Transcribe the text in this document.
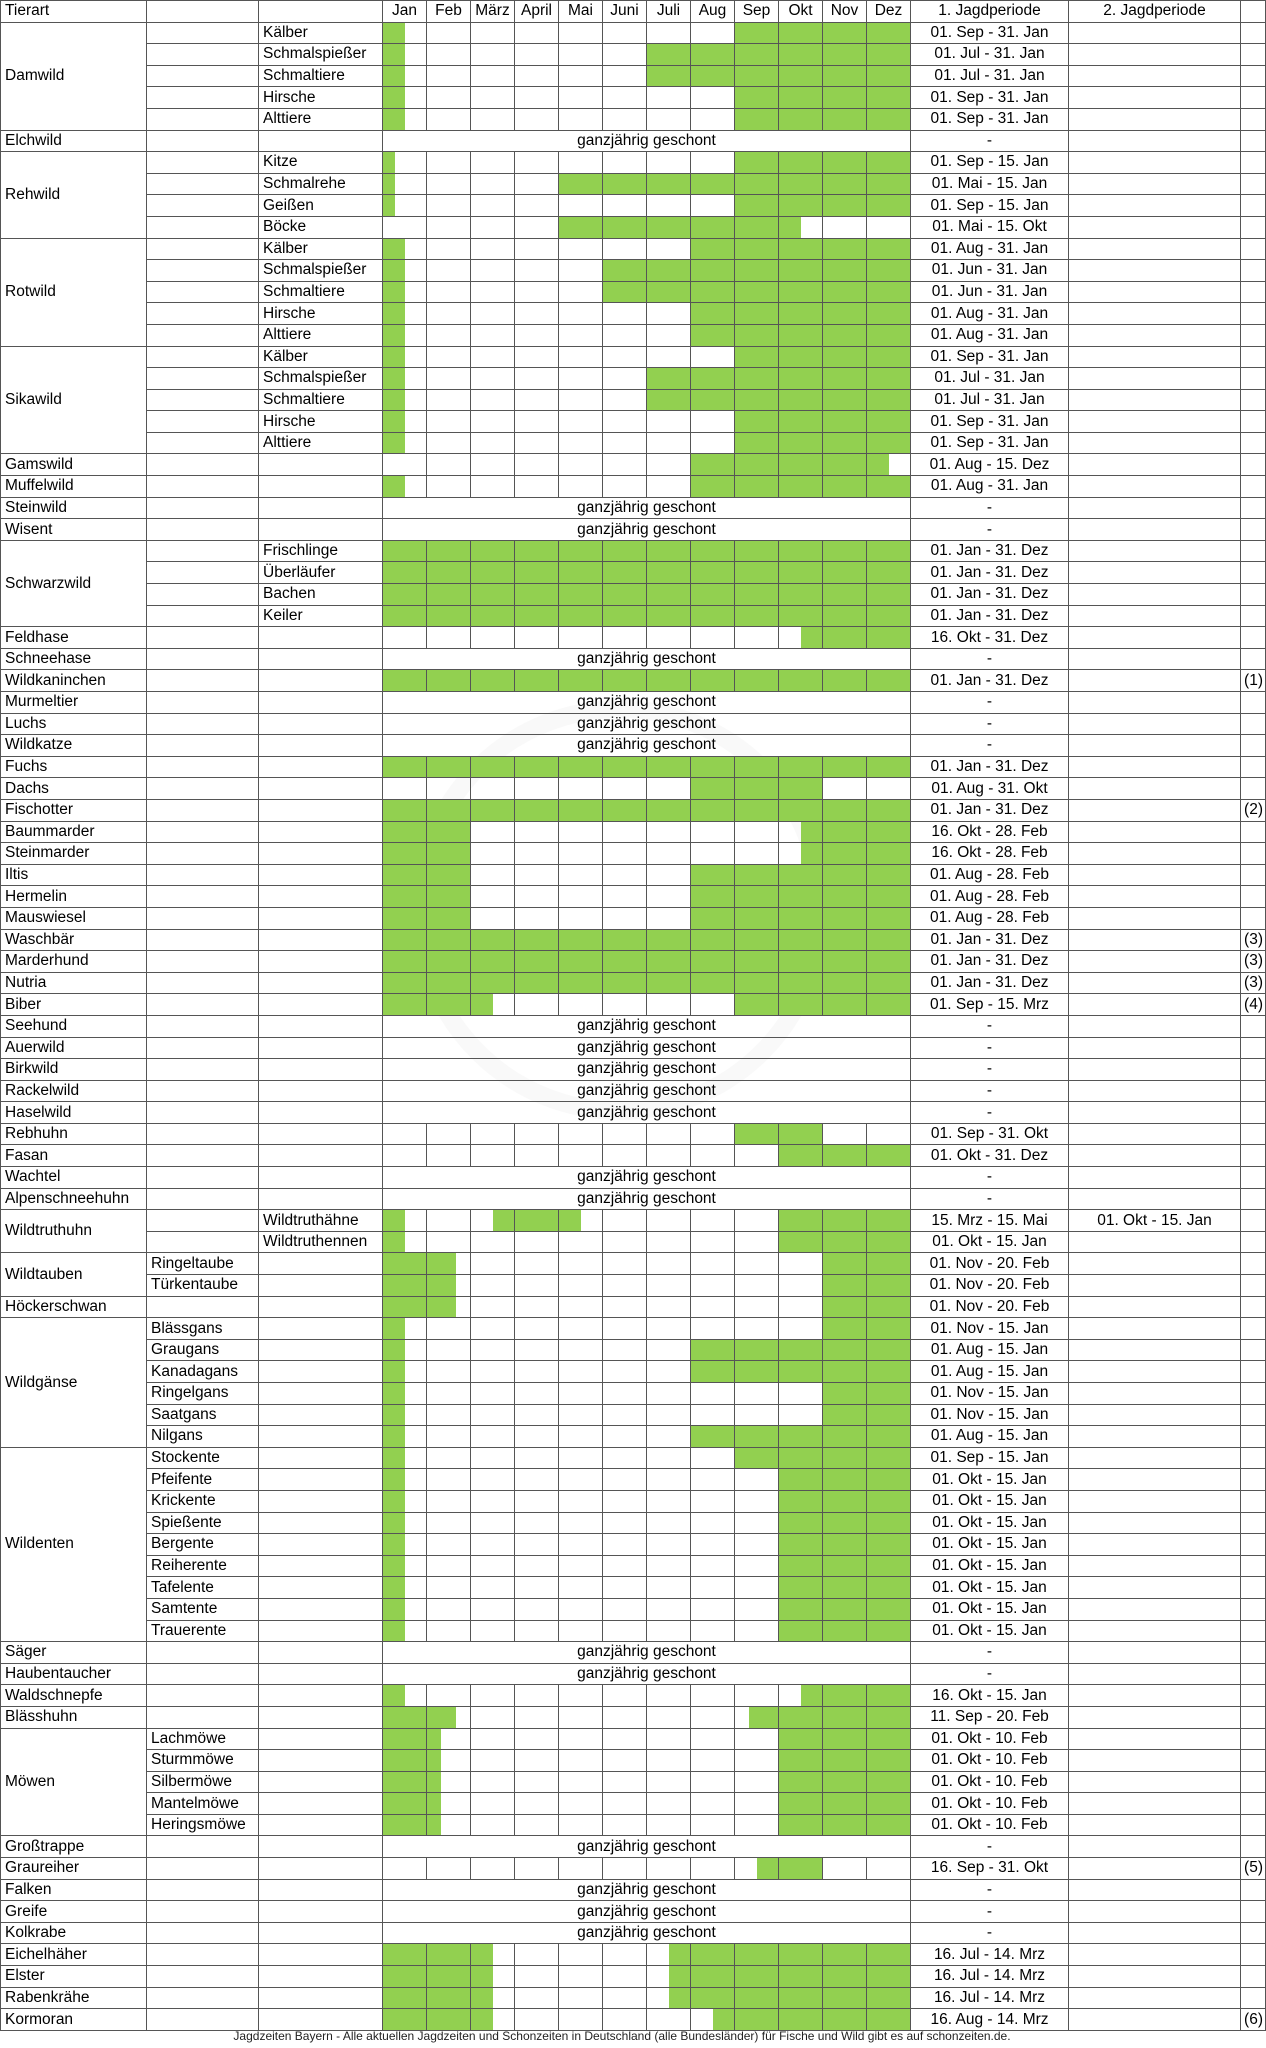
Tierart			Jan	Feb	März	April	Mai	Juni	Juli	Aug	Sep	Okt	Nov	Dez	1. Jagdperiode	2. Jagdperiode	
Damwild		Kälber													01. Sep - 31. Jan		
		Schmalspießer													01. Jul - 31. Jan		
		Schmaltiere													01. Jul - 31. Jan		
		Hirsche													01. Sep - 31. Jan		
		Alttiere													01. Sep - 31. Jan		
Elchwild			ganzjährig geschont												-		
Rehwild		Kitze													01. Sep - 15. Jan		
		Schmalrehe													01. Mai - 15. Jan		
		Geißen													01. Sep - 15. Jan		
		Böcke													01. Mai - 15. Okt		
Rotwild		Kälber													01. Aug - 31. Jan		
		Schmalspießer													01. Jun - 31. Jan		
		Schmaltiere													01. Jun - 31. Jan		
		Hirsche													01. Aug - 31. Jan		
		Alttiere													01. Aug - 31. Jan		
Sikawild		Kälber													01. Sep - 31. Jan		
		Schmalspießer													01. Jul - 31. Jan		
		Schmaltiere													01. Jul - 31. Jan		
		Hirsche													01. Sep - 31. Jan		
		Alttiere													01. Sep - 31. Jan		
Gamswild															01. Aug - 15. Dez		
Muffelwild															01. Aug - 31. Jan		
Steinwild			ganzjährig geschont												-		
Wisent			ganzjährig geschont												-		
Schwarzwild		Frischlinge													01. Jan - 31. Dez		
		Überläufer													01. Jan - 31. Dez		
		Bachen													01. Jan - 31. Dez		
		Keiler													01. Jan - 31. Dez		
Feldhase															16. Okt - 31. Dez		
Schneehase			ganzjährig geschont												-		
Wildkaninchen															01. Jan - 31. Dez		(1)
Murmeltier			ganzjährig geschont												-		
Luchs			ganzjährig geschont												-		
Wildkatze			ganzjährig geschont												-		
Fuchs															01. Jan - 31. Dez		
Dachs															01. Aug - 31. Okt		
Fischotter															01. Jan - 31. Dez		(2)
Baummarder															16. Okt - 28. Feb		
Steinmarder															16. Okt - 28. Feb		
Iltis															01. Aug - 28. Feb		
Hermelin															01. Aug - 28. Feb		
Mauswiesel															01. Aug - 28. Feb		
Waschbär															01. Jan - 31. Dez		(3)
Marderhund															01. Jan - 31. Dez		(3)
Nutria															01. Jan - 31. Dez		(3)
Biber															01. Sep - 15. Mrz		(4)
Seehund			ganzjährig geschont												-		
Auerwild			ganzjährig geschont												-		
Birkwild			ganzjährig geschont												-		
Rackelwild			ganzjährig geschont												-		
Haselwild			ganzjährig geschont												-		
Rebhuhn															01. Sep - 31. Okt		
Fasan															01. Okt - 31. Dez		
Wachtel			ganzjährig geschont												-		
Alpenschneehuhn			ganzjährig geschont												-		
Wildtruthuhn		Wildtruthähne													15. Mrz - 15. Mai	01. Okt - 15. Jan	
		Wildtruthennen													01. Okt - 15. Jan		
Wildtauben	Ringeltaube														01. Nov - 20. Feb		
	Türkentaube														01. Nov - 20. Feb		
Höckerschwan															01. Nov - 20. Feb		
Wildgänse	Blässgans														01. Nov - 15. Jan		
	Graugans														01. Aug - 15. Jan		
	Kanadagans														01. Aug - 15. Jan		
	Ringelgans														01. Nov - 15. Jan		
	Saatgans														01. Nov - 15. Jan		
	Nilgans														01. Aug - 15. Jan		
Wildenten	Stockente														01. Sep - 15. Jan		
	Pfeifente														01. Okt - 15. Jan		
	Krickente														01. Okt - 15. Jan		
	Spießente														01. Okt - 15. Jan		
	Bergente														01. Okt - 15. Jan		
	Reiherente														01. Okt - 15. Jan		
	Tafelente														01. Okt - 15. Jan		
	Samtente														01. Okt - 15. Jan		
	Trauerente														01. Okt - 15. Jan		
Säger			ganzjährig geschont												-		
Haubentaucher			ganzjährig geschont												-		
Waldschnepfe															16. Okt - 15. Jan		
Blässhuhn															11. Sep - 20. Feb		
Möwen	Lachmöwe														01. Okt - 10. Feb		
	Sturmmöwe														01. Okt - 10. Feb		
	Silbermöwe														01. Okt - 10. Feb		
	Mantelmöwe														01. Okt - 10. Feb		
	Heringsmöwe														01. Okt - 10. Feb		
Großtrappe			ganzjährig geschont												-		
Graureiher															16. Sep - 31. Okt		(5)
Falken			ganzjährig geschont												-		
Greife			ganzjährig geschont												-		
Kolkrabe			ganzjährig geschont												-		
Eichelhäher															16. Jul - 14. Mrz		
Elster															16. Jul - 14. Mrz		
Rabenkrähe															16. Jul - 14. Mrz		
Kormoran															16. Aug - 14. Mrz		(6)
Jagdzeiten Bayern - Alle aktuellen Jagdzeiten und Schonzeiten in Deutschland (alle Bundesländer) für Fische und Wild gibt es auf schonzeiten.de.
